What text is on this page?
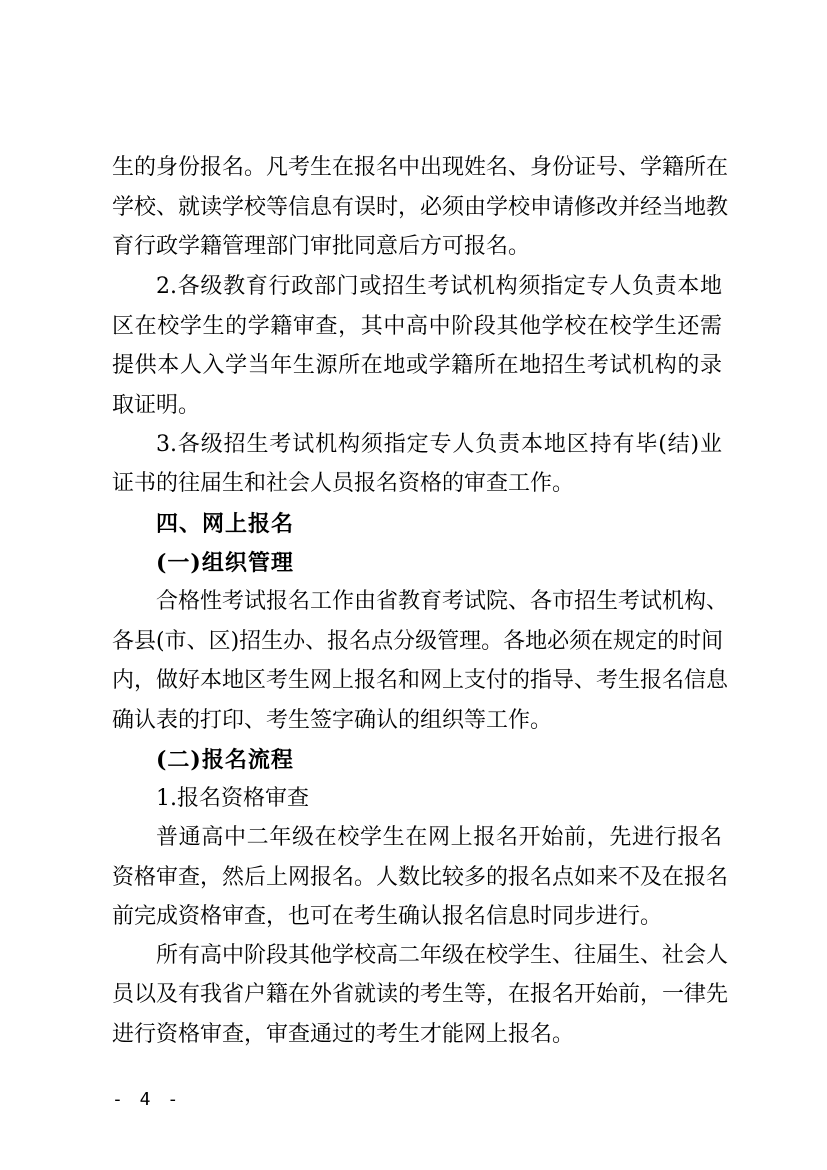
生的身份报名。凡考生在报名中出现姓名、身份证号、学籍所在
学校、就读学校等信息有误时，必须由学校申请修改并经当地教
育行政学籍管理部门审批同意后方可报名。
2.各级教育行政部门或招生考试机构须指定专人负责本地
区在校学生的学籍审查，其中高中阶段其他学校在校学生还需
提供本人入学当年生源所在地或学籍所在地招生考试机构的录
取证明。
3.各级招生考试机构须指定专人负责本地区持有毕(结)业
证书的往届生和社会人员报名资格的审查工作。
四、网上报名
(一)组织管理
合格性考试报名工作由省教育考试院、各市招生考试机构、
各县(市、区)招生办、报名点分级管理。各地必须在规定的时间
内，做好本地区考生网上报名和网上支付的指导、考生报名信息
确认表的打印、考生签字确认的组织等工作。
(二)报名流程
1.报名资格审查
普通高中二年级在校学生在网上报名开始前，先进行报名
资格审查，然后上网报名。人数比较多的报名点如来不及在报名
前完成资格审查，也可在考生确认报名信息时同步进行。
所有高中阶段其他学校高二年级在校学生、往届生、社会人
员以及有我省户籍在外省就读的考生等，在报名开始前，一律先
进行资格审查，审查通过的考生才能网上报名。
- 4 -
